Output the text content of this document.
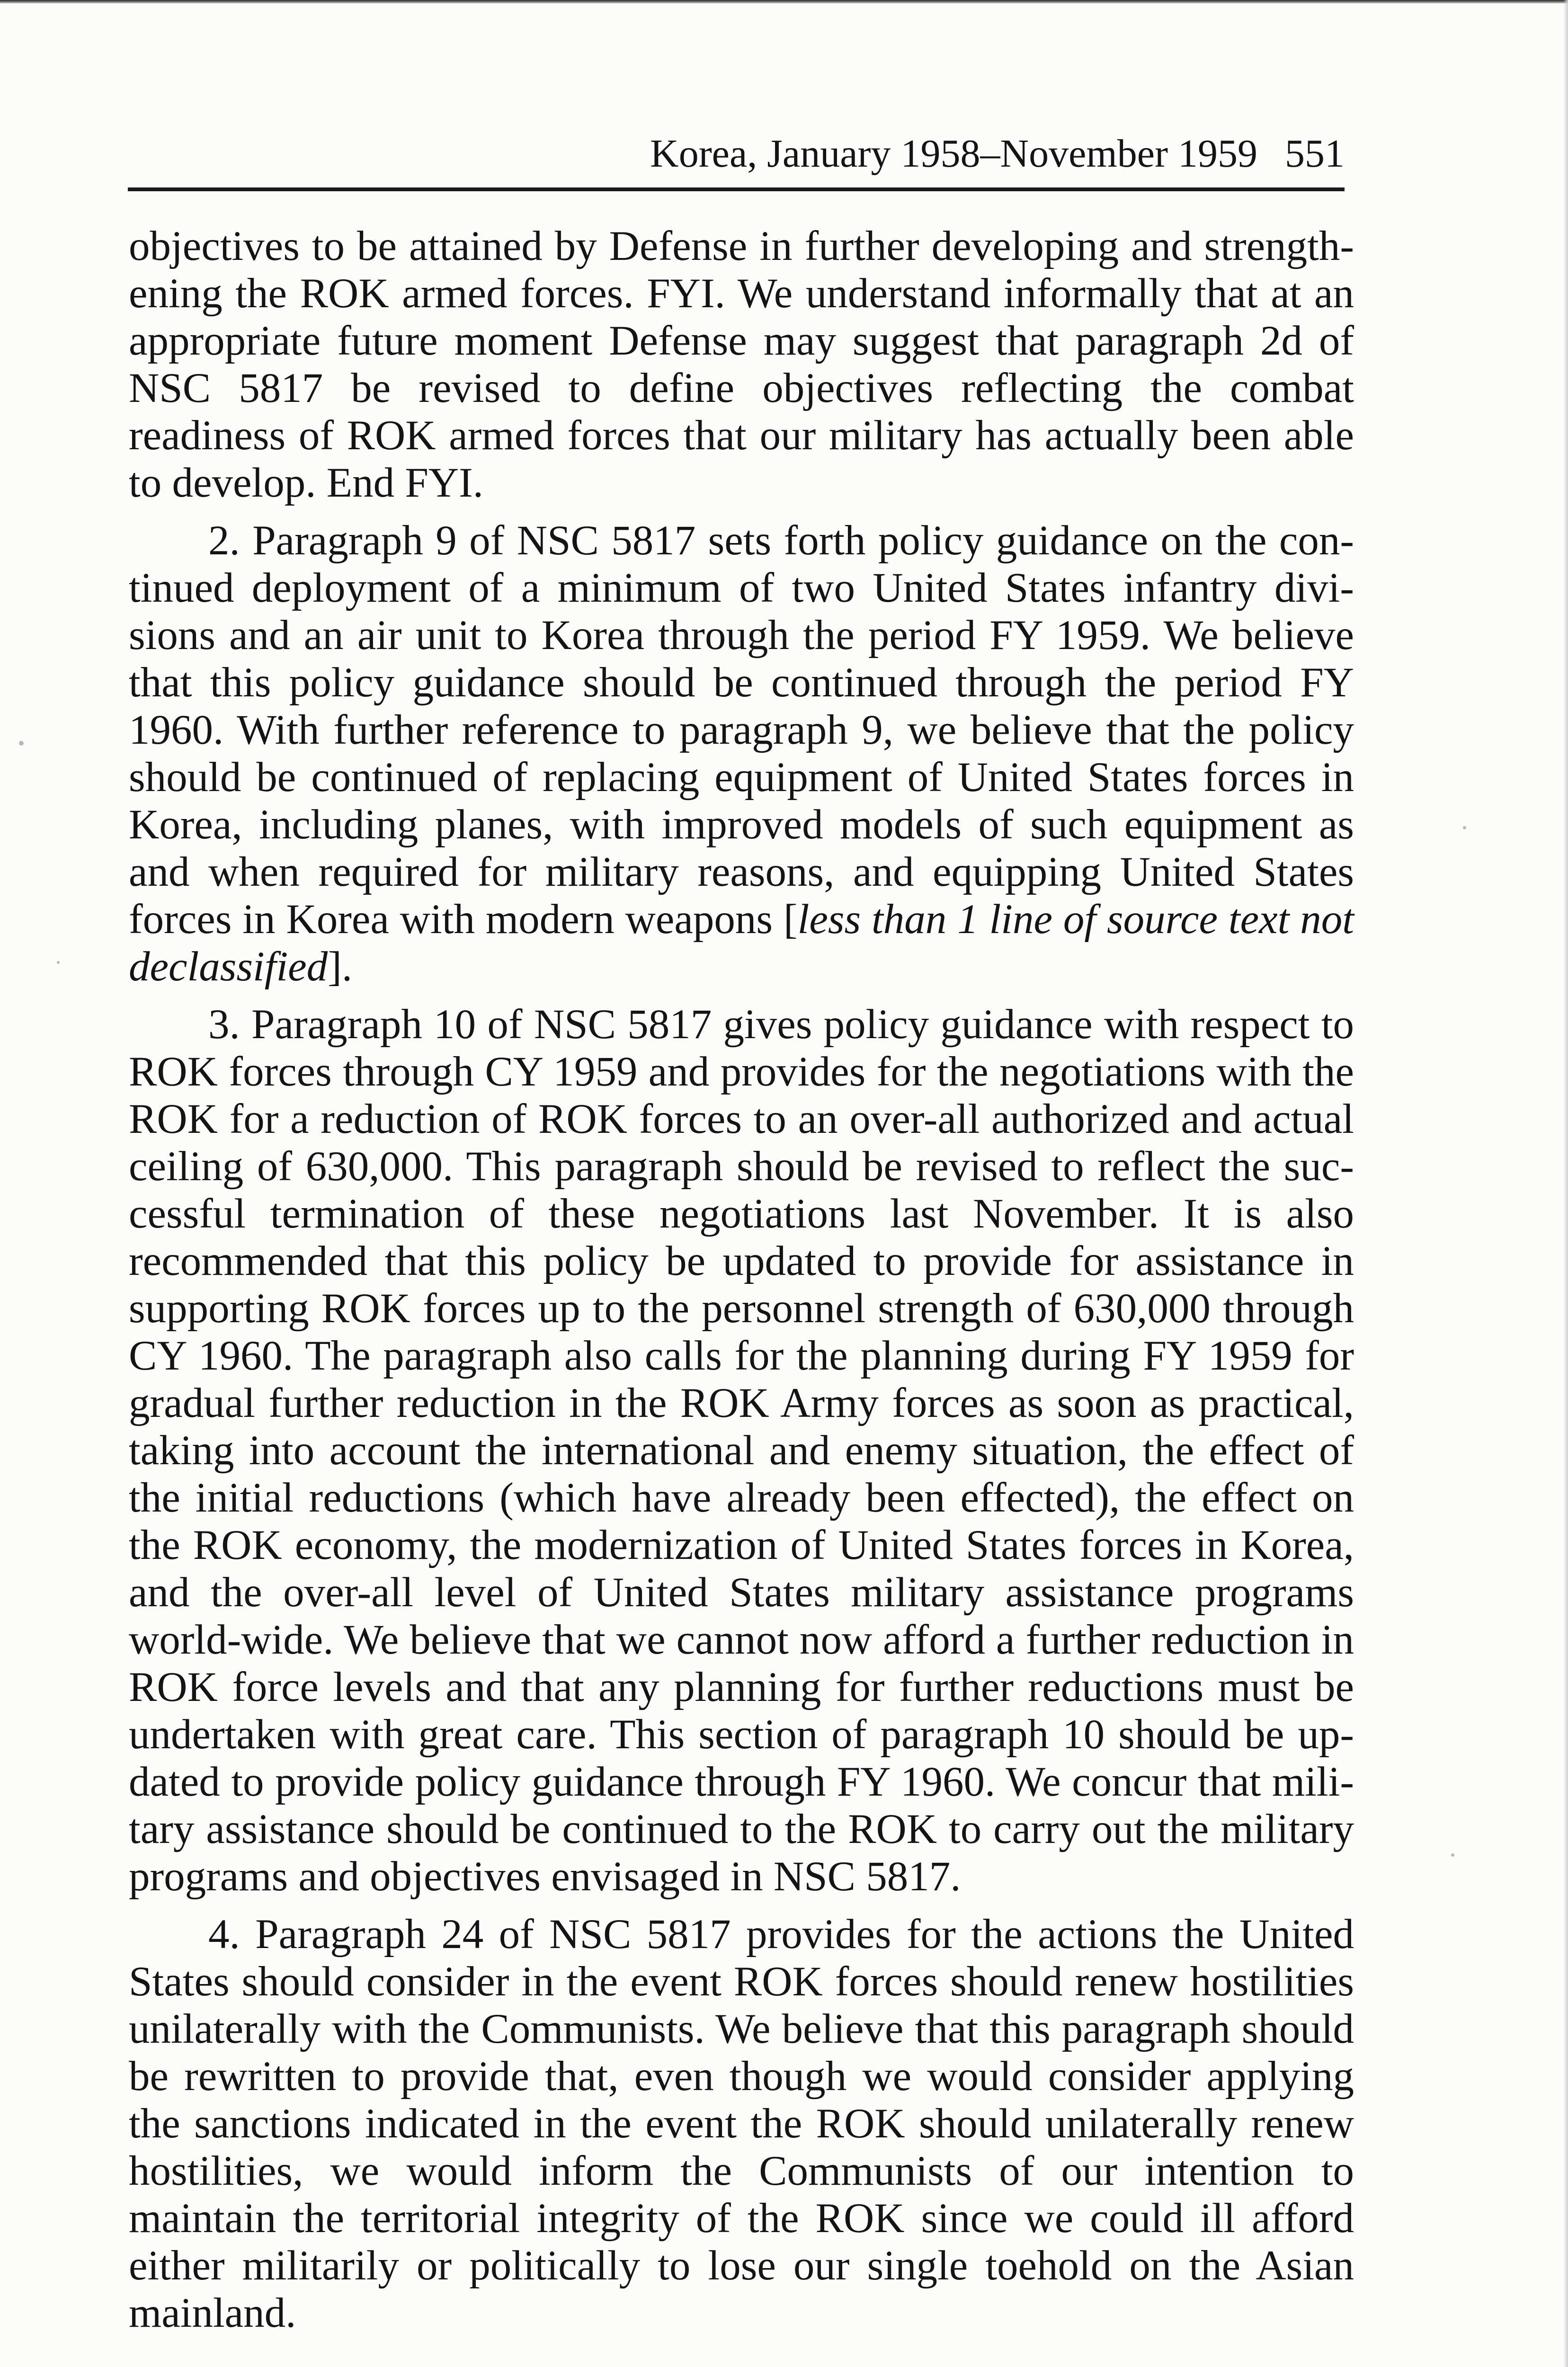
Korea, January 1958–November 1959 551

objectives to be attained by Defense in further developing and strengthening the ROK armed forces. FYI. We understand informally that at an appropriate future moment Defense may suggest that paragraph 2d of NSC 5817 be revised to define objectives reflecting the combat readiness of ROK armed forces that our military has actually been able to develop. End FYI.

2. Paragraph 9 of NSC 5817 sets forth policy guidance on the continued deployment of a minimum of two United States infantry divisions and an air unit to Korea through the period FY 1959. We believe that this policy guidance should be continued through the period FY 1960. With further reference to paragraph 9, we believe that the policy should be continued of replacing equipment of United States forces in Korea, including planes, with improved models of such equipment as and when required for military reasons, and equipping United States forces in Korea with modern weapons [less than 1 line of source text not declassified].

3. Paragraph 10 of NSC 5817 gives policy guidance with respect to ROK forces through CY 1959 and provides for the negotiations with the ROK for a reduction of ROK forces to an over-all authorized and actual ceiling of 630,000. This paragraph should be revised to reflect the successful termination of these negotiations last November. It is also recommended that this policy be updated to provide for assistance in supporting ROK forces up to the personnel strength of 630,000 through CY 1960. The paragraph also calls for the planning during FY 1959 for gradual further reduction in the ROK Army forces as soon as practical, taking into account the international and enemy situation, the effect of the initial reductions (which have already been effected), the effect on the ROK economy, the modernization of United States forces in Korea, and the over-all level of United States military assistance programs world-wide. We believe that we cannot now afford a further reduction in ROK force levels and that any planning for further reductions must be undertaken with great care. This section of paragraph 10 should be updated to provide policy guidance through FY 1960. We concur that military assistance should be continued to the ROK to carry out the military programs and objectives envisaged in NSC 5817.

4. Paragraph 24 of NSC 5817 provides for the actions the United States should consider in the event ROK forces should renew hostilities unilaterally with the Communists. We believe that this paragraph should be rewritten to provide that, even though we would consider applying the sanctions indicated in the event the ROK should unilaterally renew hostilities, we would inform the Communists of our intention to maintain the territorial integrity of the ROK since we could ill afford either militarily or politically to lose our single toehold on the Asian mainland.
